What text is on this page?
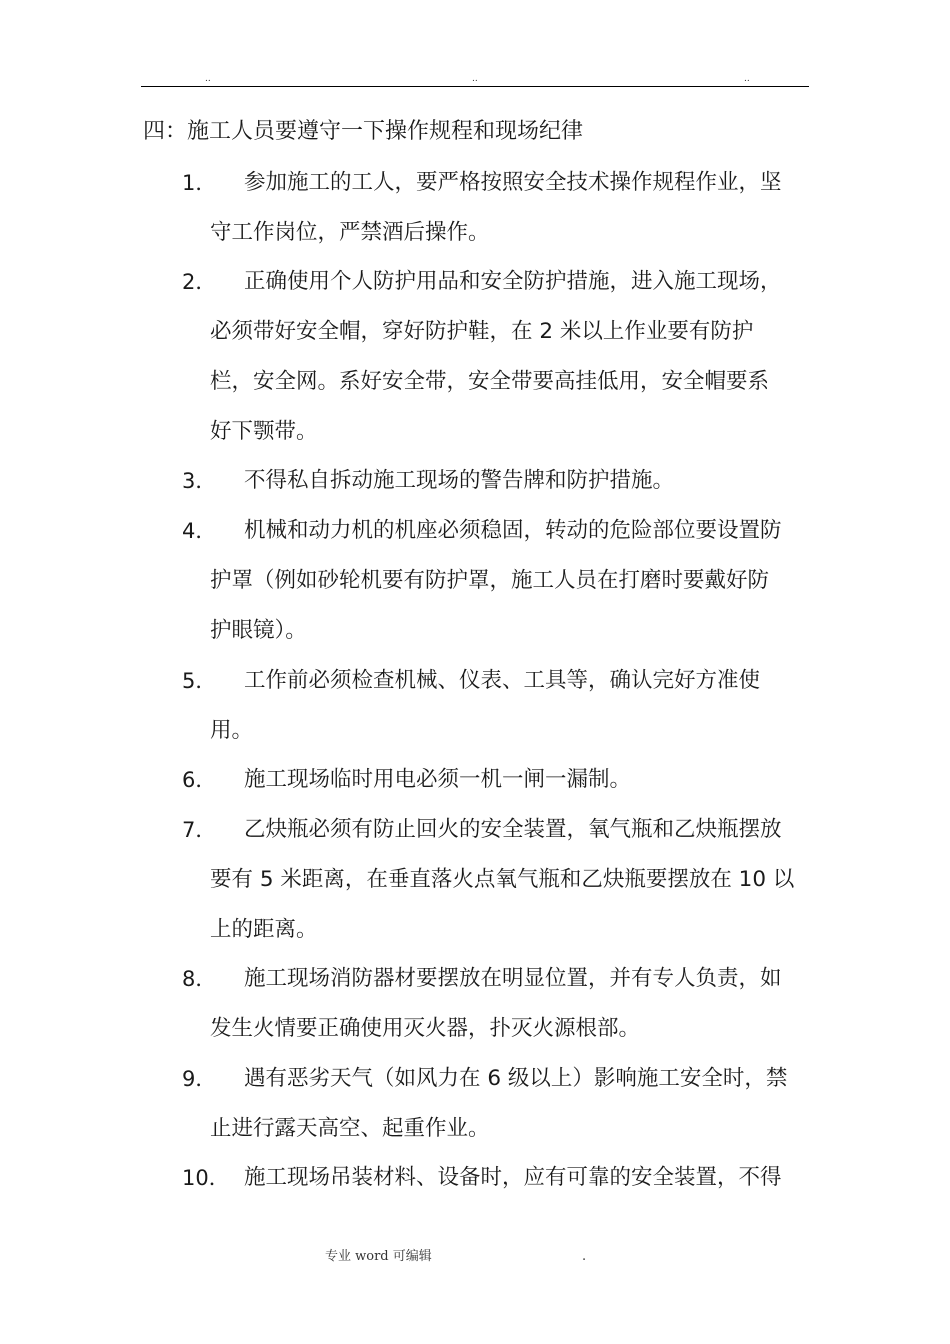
..	..	..
四：施工人员要遵守一下操作规程和现场纪律
1． 参加施工的工人，要严格按照安全技术操作规程作业，坚
守工作岗位，严禁酒后操作。
2． 正确使用个人防护用品和安全防护措施，进入施工现场，
必须带好安全帽，穿好防护鞋，在 2 米以上作业要有防护
栏，安全网。系好安全带，安全带要高挂低用，安全帽要系
好下颚带。
3． 不得私自拆动施工现场的警告牌和防护措施。
4． 机械和动力机的机座必须稳固，转动的危险部位要设置防
护罩（例如砂轮机要有防护罩，施工人员在打磨时要戴好防
护眼镜）。
5． 工作前必须检查机械、仪表、工具等，确认完好方准使
用。
6． 施工现场临时用电必须一机一闸一漏制。
7． 乙炔瓶必须有防止回火的安全装置，氧气瓶和乙炔瓶摆放
要有 5 米距离，在垂直落火点氧气瓶和乙炔瓶要摆放在 10 以
上的距离。
8． 施工现场消防器材要摆放在明显位置，并有专人负责，如
发生火情要正确使用灭火器，扑灭火源根部。
9． 遇有恶劣天气（如风力在 6 级以上）影响施工安全时，禁
止进行露天高空、起重作业。
10． 施工现场吊装材料、设备时，应有可靠的安全装置，不得
专业 word 可编辑	.
